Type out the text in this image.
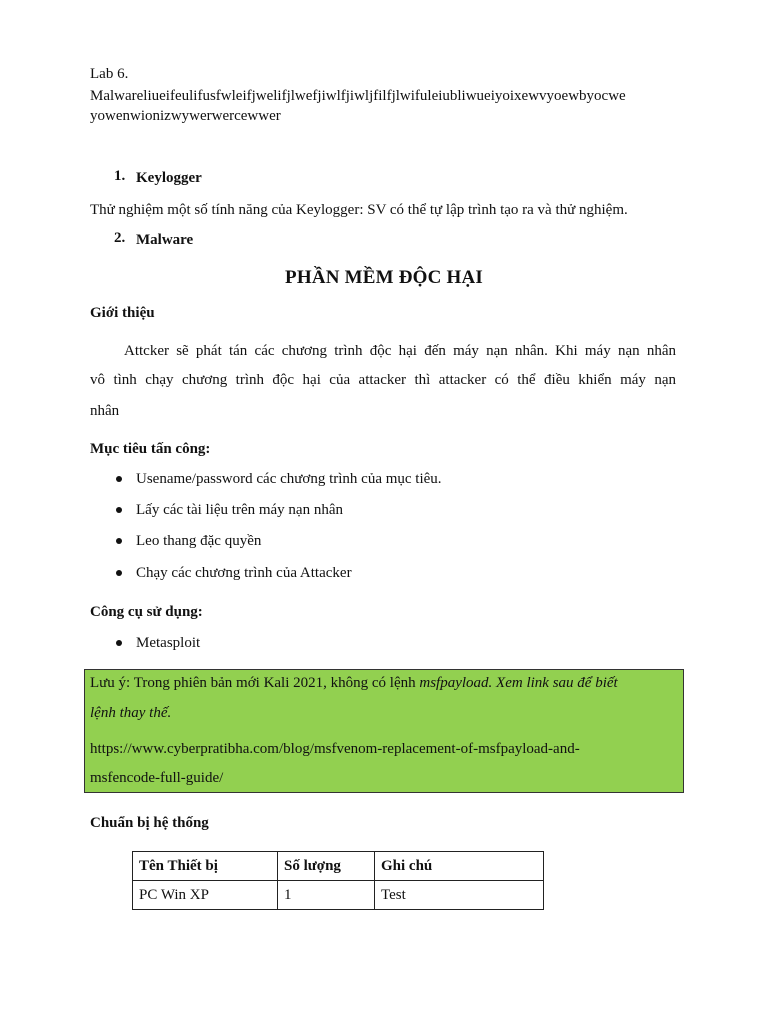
Lab 6.
Malwareliueifeulifusfwleifjwelifjlwefjiwlfjiwljfilfjlwifuleiubliwueiyoixewvyoewbyocwe
yowenwionizwywerwercewwer
1. Keylogger
Thử nghiệm một số tính năng của Keylogger: SV có thể tự lập trình tạo ra và thử nghiệm.
2. Malware
PHẦN MỀM ĐỘC HẠI
Giới thiệu
Attcker sẽ phát tán các chương trình độc hại đến máy nạn nhân. Khi máy nạn nhân
vô tình chạy chương trình độc hại của attacker thì attacker có thể điều khiển máy nạn
nhân
Mục tiêu tấn công:
Usename/password các chương trình của mục tiêu.
Lấy các tài liệu trên máy nạn nhân
Leo thang đặc quyền
Chạy các chương trình của Attacker
Công cụ sử dụng:
Metasploit
Lưu ý: Trong phiên bản mới Kali 2021, không có lệnh msfpayload. Xem link sau để biết
lệnh thay thế.
https://www.cyberpratibha.com/blog/msfvenom-replacement-of-msfpayload-and-
msfencode-full-guide/
Chuẩn bị hệ thống
Tên Thiết bị	Số lượng	Ghi chú
PC Win XP	1	Test
